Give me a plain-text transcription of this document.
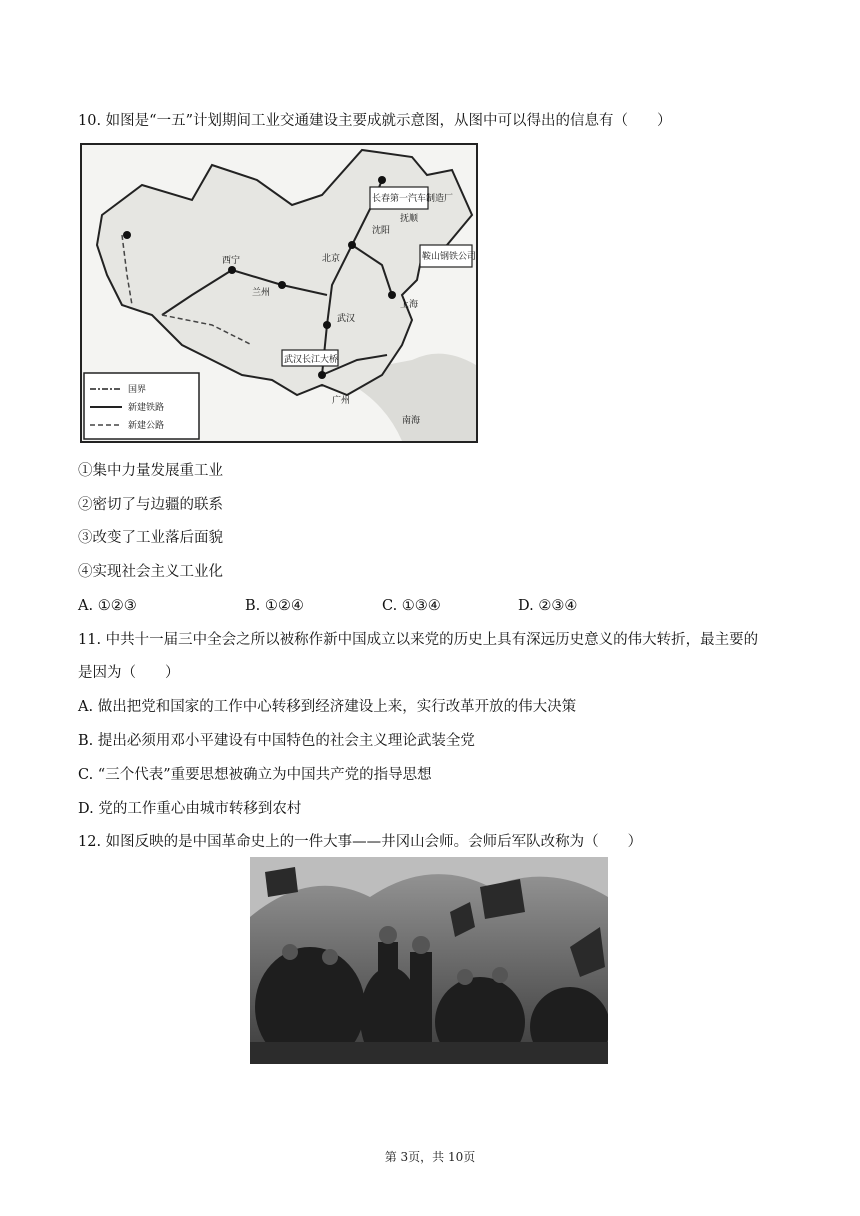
10. 如图是“一五”计划期间工业交通建设主要成就示意图，从图中可以得出的信息有（　　）
长春第一汽车制造厂
抚顺
沈阳
鞍山钢铁公司
北京
武汉
武汉长江大桥
广州
上海
西宁
兰州
南海
国界
新建铁路
新建公路
①集中力量发展重工业
②密切了与边疆的联系
③改变了工业落后面貌
④实现社会主义工业化
A. ①②③	B. ①②④	C. ①③④	D. ②③④
11. 中共十一届三中全会之所以被称作新中国成立以来党的历史上具有深远历史意义的伟大转折，最主要的
是因为（　　）
A. 做出把党和国家的工作中心转移到经济建设上来，实行改革开放的伟大决策
B. 提出必须用邓小平建设有中国特色的社会主义理论武装全党
C. “三个代表”重要思想被确立为中国共产党的指导思想
D. 党的工作重心由城市转移到农村
12. 如图反映的是中国革命史上的一件大事——井冈山会师。会师后军队改称为（　　）
第 3页，共 10页
